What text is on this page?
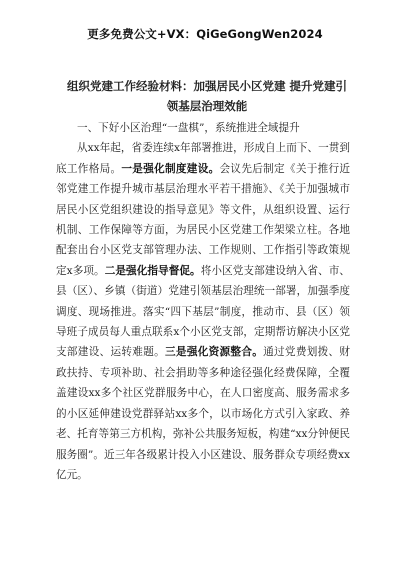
更多免费公文+VX：QiGeGongWen2024
组织党建工作经验材料：加强居民小区党建 提升党建引领基层治理效能

一、下好小区治理“一盘棋”，系统推进全域提升

从xx年起，省委连续x年部署推进，形成自上而下、一贯到底工作格局。一是强化制度建设。会议先后制定《关于推行近邻党建工作提升城市基层治理水平若干措施》、《关于加强城市居民小区党组织建设的指导意见》等文件，从组织设置、运行机制、工作保障等方面，为居民小区党建工作架梁立柱。各地配套出台小区党支部管理办法、工作规则、工作指引等政策规定x多项。二是强化指导督促。将小区党支部建设纳入省、市、县（区）、乡镇（街道）党建引领基层治理统一部署，加强季度调度、现场推进。落实“四下基层”制度，推动市、县（区）领导班子成员每人重点联系x个小区党支部，定期帮访解决小区党支部建设、运转难题。三是强化资源整合。通过党费划拨、财政扶持、专项补助、社会捐助等多种途径强化经费保障，全覆盖建设xx多个社区党群服务中心，在人口密度高、服务需求多的小区延伸建设党群驿站xx多个，以市场化方式引入家政、养老、托育等第三方机构，弥补公共服务短板，构建“xx分钟便民服务圈”。近三年各级累计投入小区建设、服务群众专项经费xx亿元。
